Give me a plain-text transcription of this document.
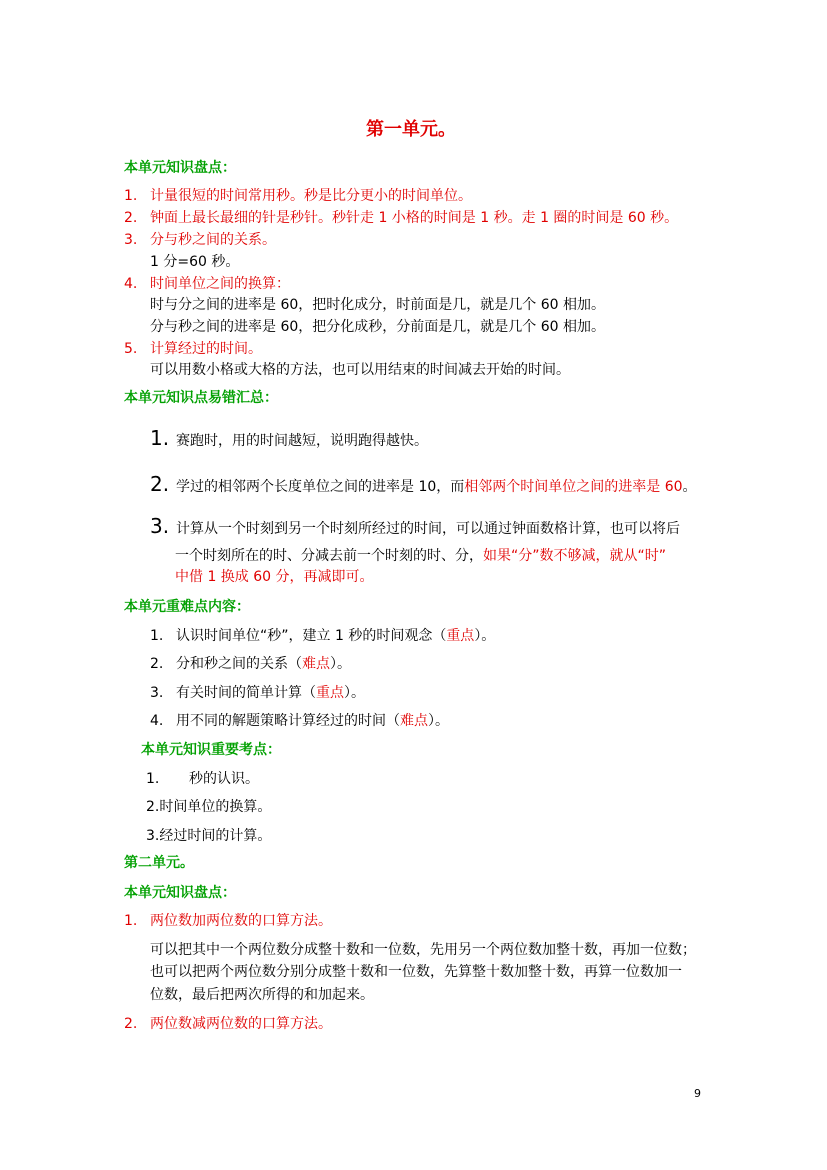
第一单元。
本单元知识盘点：
1. 计量很短的时间常用秒。秒是比分更小的时间单位。
2. 钟面上最长最细的针是秒针。秒针走 1 小格的时间是 1 秒。走 1 圈的时间是 60 秒。
3. 分与秒之间的关系。
1 分=60 秒。
4. 时间单位之间的换算：
时与分之间的进率是 60，把时化成分，时前面是几，就是几个 60 相加。
分与秒之间的进率是 60，把分化成秒，分前面是几，就是几个 60 相加。
5. 计算经过的时间。
可以用数小格或大格的方法，也可以用结束的时间减去开始的时间。
本单元知识点易错汇总：
1. 赛跑时，用的时间越短，说明跑得越快。
2. 学过的相邻两个长度单位之间的进率是 10，而相邻两个时间单位之间的进率是 60。
3. 计算从一个时刻到另一个时刻所经过的时间，可以通过钟面数格计算，也可以将后
一个时刻所在的时、分减去前一个时刻的时、分，如果“分”数不够减，就从“时”
中借 1 换成 60 分，再减即可。
本单元重难点内容：
1. 认识时间单位“秒”，建立 1 秒的时间观念（重点）。
2. 分和秒之间的关系（难点）。
3. 有关时间的简单计算（重点）。
4. 用不同的解题策略计算经过的时间（难点）。
本单元知识重要考点：
1. 秒的认识。
2.时间单位的换算。
3.经过时间的计算。
第二单元。
本单元知识盘点：
1. 两位数加两位数的口算方法。
可以把其中一个两位数分成整十数和一位数，先用另一个两位数加整十数，再加一位数；
也可以把两个两位数分别分成整十数和一位数，先算整十数加整十数，再算一位数加一
位数，最后把两次所得的和加起来。
2. 两位数减两位数的口算方法。
9
